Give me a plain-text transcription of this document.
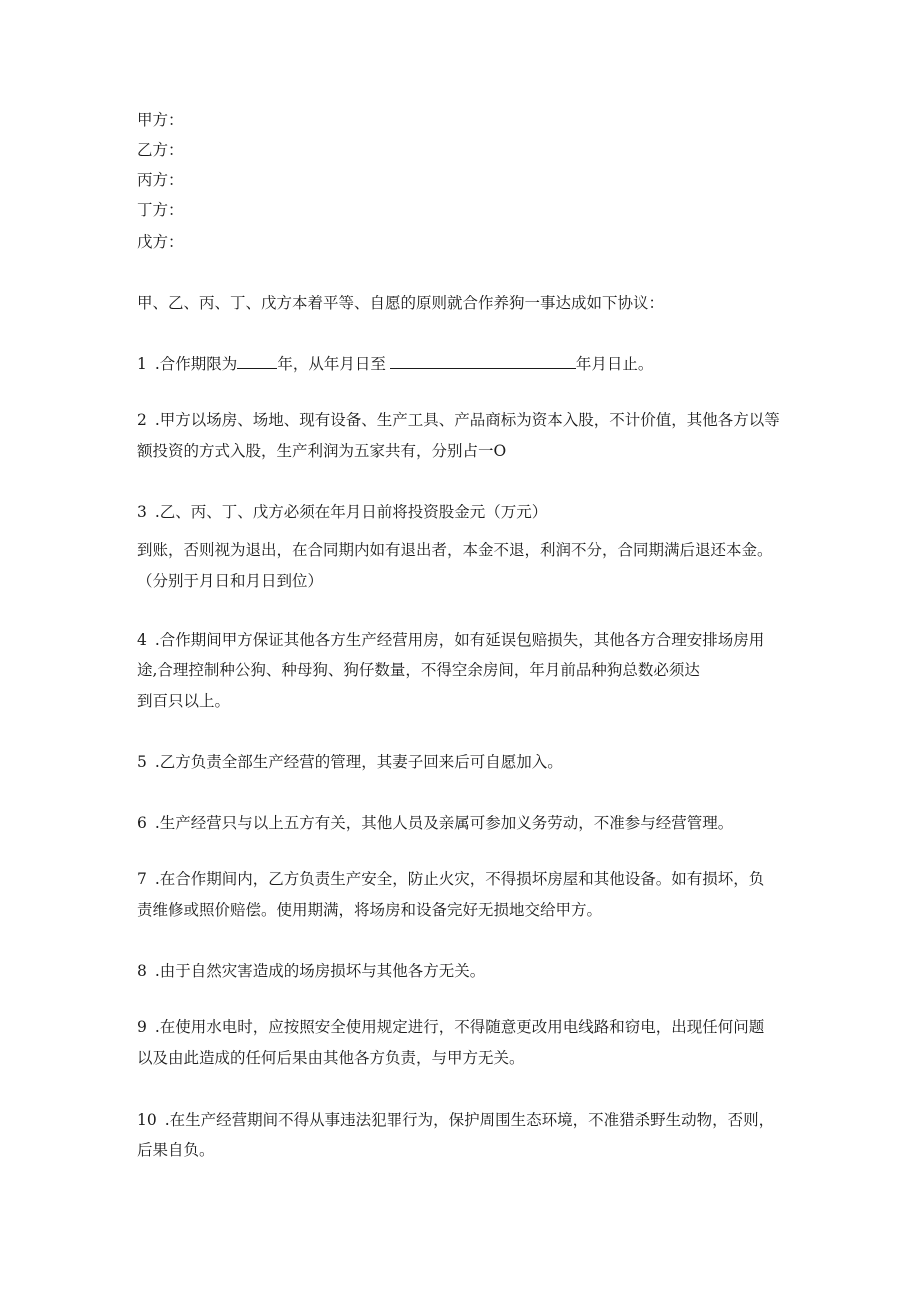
甲方：
乙方：
丙方：
丁方：
戊方：
甲、乙、丙、丁、戊方本着平等、自愿的原则就合作养狗一事达成如下协议：
1 .合作期限为	年，从年月日至	年月日止。
2 .甲方以场房、场地、现有设备、生产工具、产品商标为资本入股，不计价值，其他各方以等
额投资的方式入股，生产利润为五家共有，分别占一O
3 .乙、丙、丁、戊方必须在年月日前将投资股金元（万元）
到账，否则视为退出，在合同期内如有退出者，本金不退，利润不分，合同期满后退还本金。
（分别于月日和月日到位）
4 .合作期间甲方保证其他各方生产经营用房，如有延误包赔损失，其他各方合理安排场房用
途,合理控制种公狗、种母狗、狗仔数量，不得空余房间，年月前品种狗总数必须达
到百只以上。
5 .乙方负责全部生产经营的管理，其妻子回来后可自愿加入。
6 .生产经营只与以上五方有关，其他人员及亲属可参加义务劳动，不准参与经营管理。
7 .在合作期间内，乙方负责生产安全，防止火灾，不得损坏房屋和其他设备。如有损坏，负
责维修或照价赔偿。使用期满，将场房和设备完好无损地交给甲方。
8 .由于自然灾害造成的场房损坏与其他各方无关。
9 .在使用水电时，应按照安全使用规定进行，不得随意更改用电线路和窃电，出现任何问题
以及由此造成的任何后果由其他各方负责，与甲方无关。
10 .在生产经营期间不得从事违法犯罪行为，保护周围生态环境，不准猎杀野生动物，否则，
后果自负。
